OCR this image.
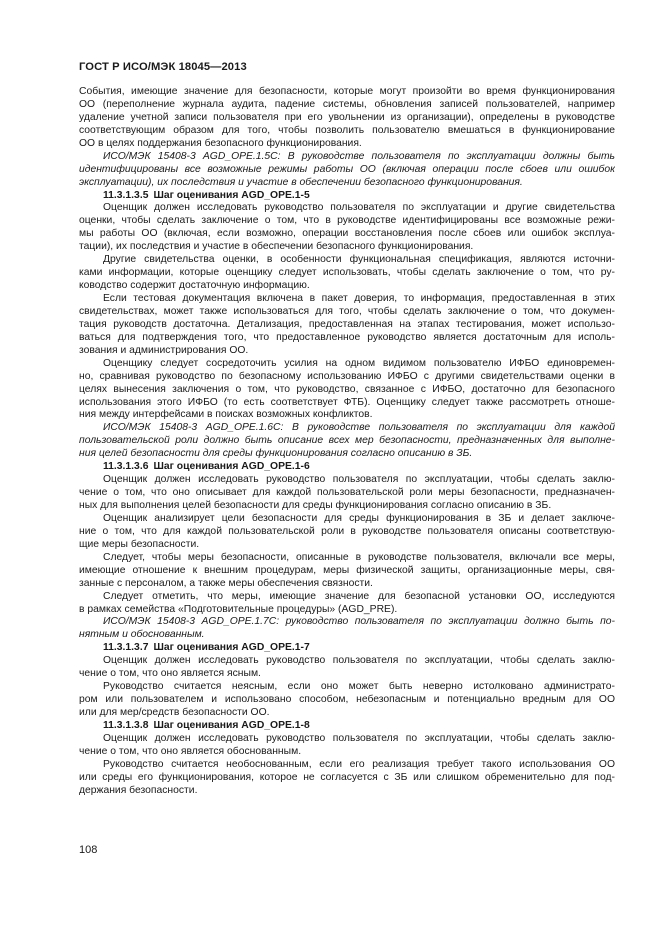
ГОСТ Р ИСО/МЭК 18045—2013
События, имеющие значение для безопасности, которые могут произойти во время функционирования
ОО (переполнение журнала аудита, падение системы, обновления записей пользователей, например
удаление учетной записи пользователя при его увольнении из организации), определены в руководстве
соответствующим образом для того, чтобы позволить пользователю вмешаться в функционирование
ОО в целях поддержания безопасного функционирования.
ИСО/МЭК 15408-3 AGD_OPE.1.5C: В руководстве пользователя по эксплуатации должны быть
идентифицированы все возможные режимы работы ОО (включая операции после сбоев или ошибок
эксплуатации), их последствия и участие в обеспечении безопасного функционирования.
11.3.1.3.5 Шаг оценивания AGD_OPE.1-5
Оценщик должен исследовать руководство пользователя по эксплуатации и другие свидетельства
оценки, чтобы сделать заключение о том, что в руководстве идентифицированы все возможные режи-
мы работы ОО (включая, если возможно, операции восстановления после сбоев или ошибок эксплуа-
тации), их последствия и участие в обеспечении безопасного функционирования.
Другие свидетельства оценки, в особенности функциональная спецификация, являются источни-
ками информации, которые оценщику следует использовать, чтобы сделать заключение о том, что ру-
ководство содержит достаточную информацию.
Если тестовая документация включена в пакет доверия, то информация, предоставленная в этих
свидетельствах, может также использоваться для того, чтобы сделать заключение о том, что докумен-
тация руководств достаточна. Детализация, предоставленная на этапах тестирования, может использо-
ваться для подтверждения того, что предоставленное руководство является достаточным для исполь-
зования и администрирования ОО.
Оценщику следует сосредоточить усилия на одном видимом пользователю ИФБО единовремен-
но, сравнивая руководство по безопасному использованию ИФБО с другими свидетельствами оценки в
целях вынесения заключения о том, что руководство, связанное с ИФБО, достаточно для безопасного
использования этого ИФБО (то есть соответствует ФТБ). Оценщику следует также рассмотреть отноше-
ния между интерфейсами в поисках возможных конфликтов.
ИСО/МЭК 15408-3 AGD_OPE.1.6C: В руководстве пользователя по эксплуатации для каждой
пользовательской роли должно быть описание всех мер безопасности, предназначенных для выполне-
ния целей безопасности для среды функционирования согласно описанию в ЗБ.
11.3.1.3.6 Шаг оценивания AGD_OPE.1-6
Оценщик должен исследовать руководство пользователя по эксплуатации, чтобы сделать заклю-
чение о том, что оно описывает для каждой пользовательской роли меры безопасности, предназначен-
ных для выполнения целей безопасности для среды функционирования согласно описанию в ЗБ.
Оценщик анализирует цели безопасности для среды функционирования в ЗБ и делает заключе-
ние о том, что для каждой пользовательской роли в руководстве пользователя описаны соответствую-
щие меры безопасности.
Следует, чтобы меры безопасности, описанные в руководстве пользователя, включали все меры,
имеющие отношение к внешним процедурам, меры физической защиты, организационные меры, свя-
занные с персоналом, а также меры обеспечения связности.
Следует отметить, что меры, имеющие значение для безопасной установки ОО, исследуются
в рамках семейства «Подготовительные процедуры» (AGD_PRE).
ИСО/МЭК 15408-3 AGD_OPE.1.7C: руководство пользователя по эксплуатации должно быть по-
нятным и обоснованным.
11.3.1.3.7 Шаг оценивания AGD_OPE.1-7
Оценщик должен исследовать руководство пользователя по эксплуатации, чтобы сделать заклю-
чение о том, что оно является ясным.
Руководство считается неясным, если оно может быть неверно истолковано администрато-
ром или пользователем и использовано способом, небезопасным и потенциально вредным для ОО
или для мер/средств безопасности ОО.
11.3.1.3.8 Шаг оценивания AGD_OPE.1-8
Оценщик должен исследовать руководство пользователя по эксплуатации, чтобы сделать заклю-
чение о том, что оно является обоснованным.
Руководство считается необоснованным, если его реализация требует такого использования ОО
или среды его функционирования, которое не согласуется с ЗБ или слишком обременительно для под-
держания безопасности.
108
